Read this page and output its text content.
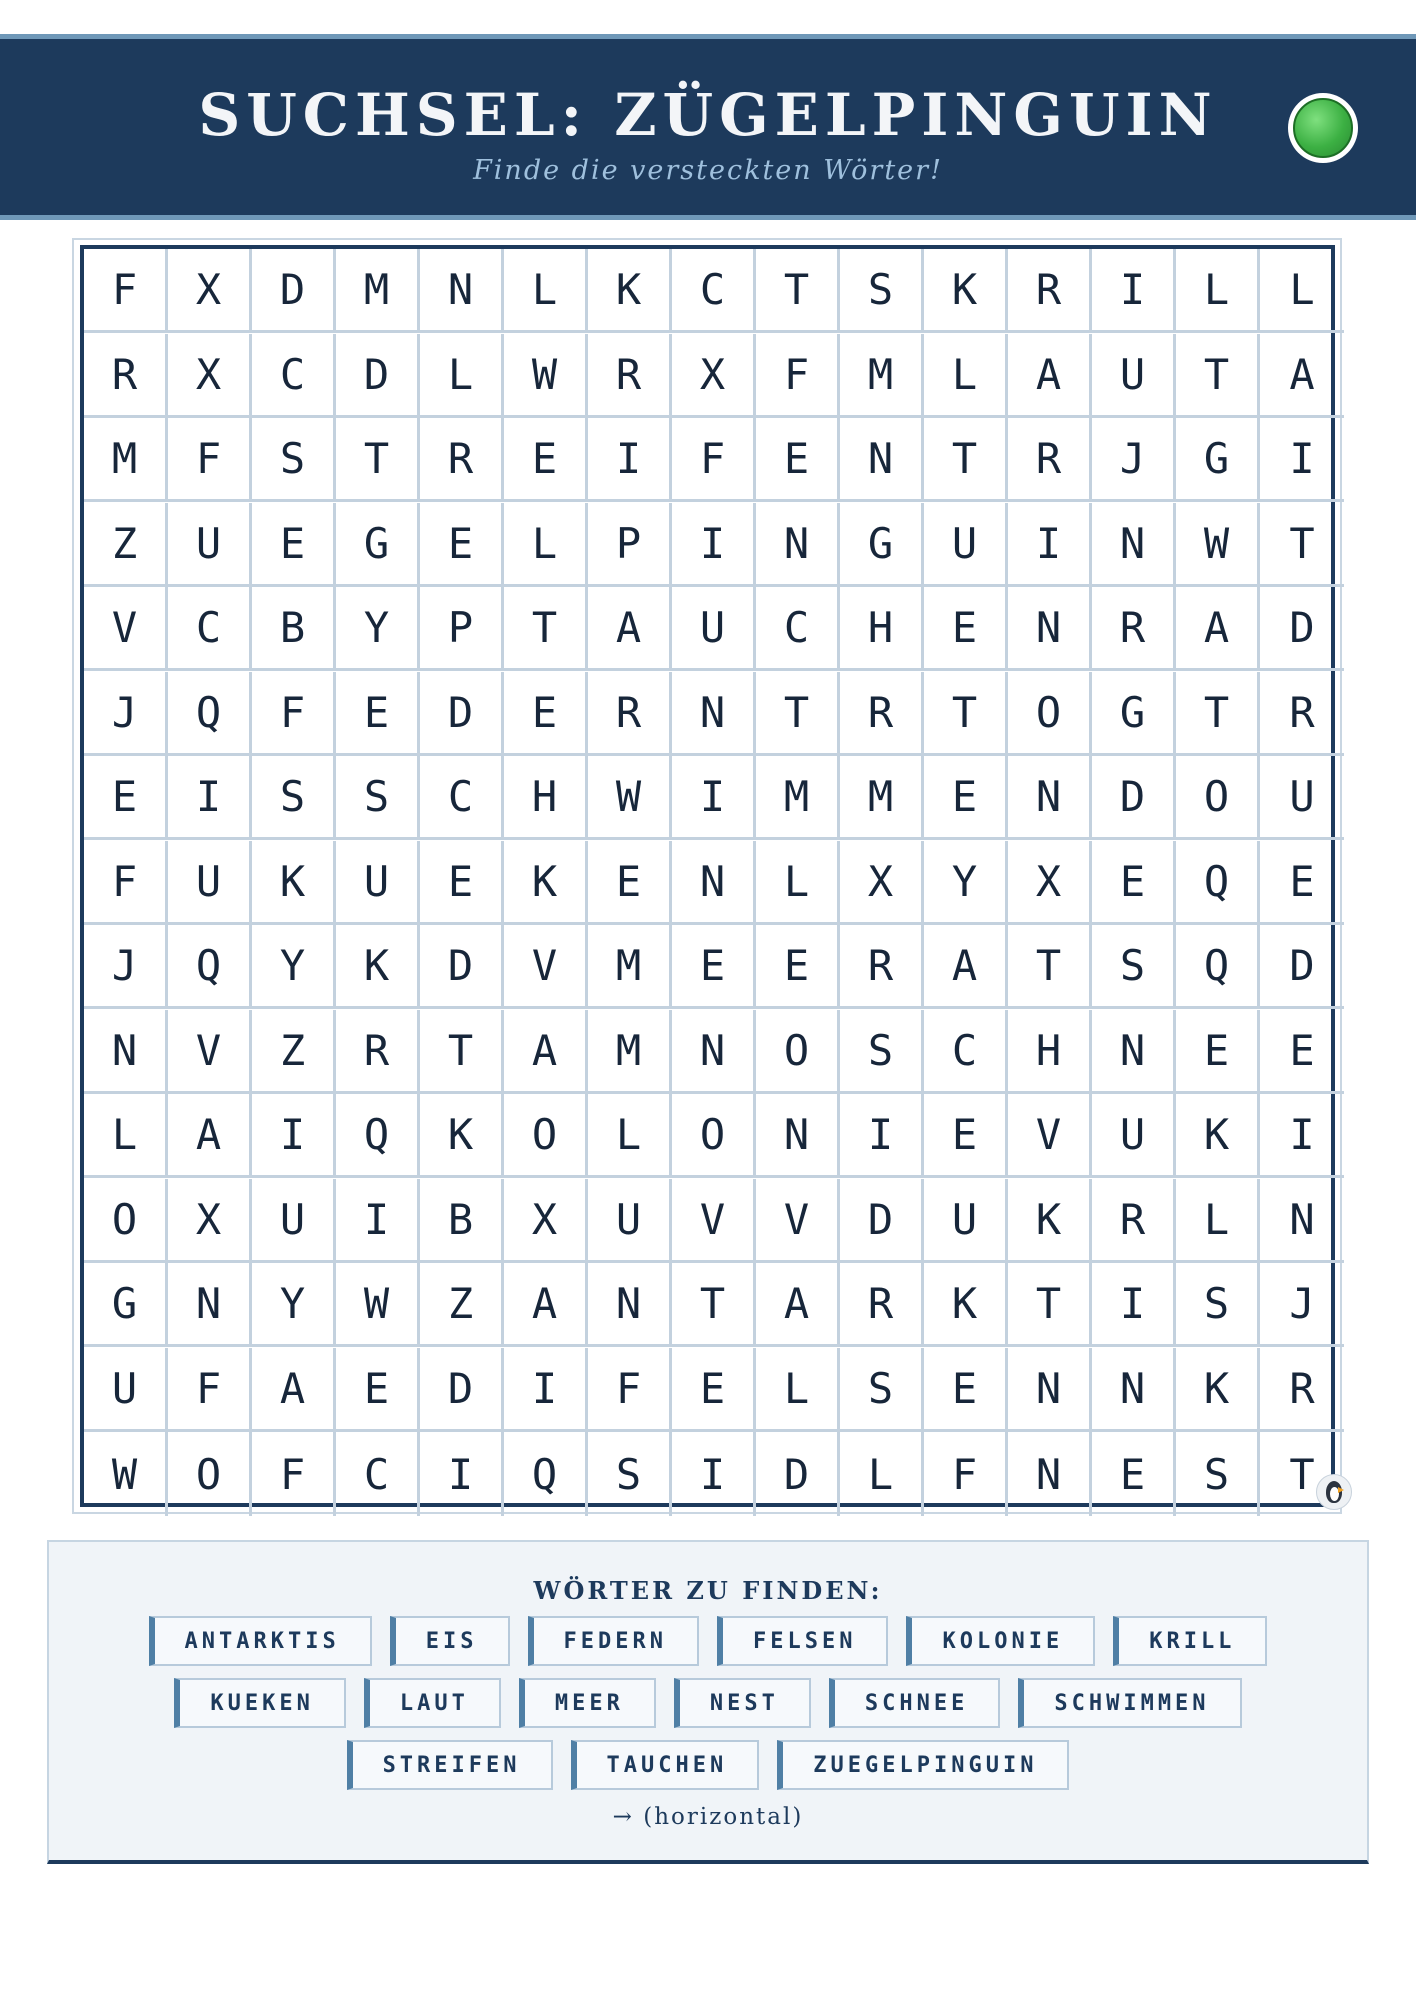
SUCHSEL: ZÜGELPINGUIN
Finde die versteckten Wörter!
F	X	D	M	N	L	K	C	T	S	K	R	I	L	L
R	X	C	D	L	W	R	X	F	M	L	A	U	T	A
M	F	S	T	R	E	I	F	E	N	T	R	J	G	I
Z	U	E	G	E	L	P	I	N	G	U	I	N	W	T
V	C	B	Y	P	T	A	U	C	H	E	N	R	A	D
J	Q	F	E	D	E	R	N	T	R	T	O	G	T	R
E	I	S	S	C	H	W	I	M	M	E	N	D	O	U
F	U	K	U	E	K	E	N	L	X	Y	X	E	Q	E
J	Q	Y	K	D	V	M	E	E	R	A	T	S	Q	D
N	V	Z	R	T	A	M	N	O	S	C	H	N	E	E
L	A	I	Q	K	O	L	O	N	I	E	V	U	K	I
O	X	U	I	B	X	U	V	V	D	U	K	R	L	N
G	N	Y	W	Z	A	N	T	A	R	K	T	I	S	J
U	F	A	E	D	I	F	E	L	S	E	N	N	K	R
W	O	F	C	I	Q	S	I	D	L	F	N	E	S	T
WÖRTER ZU FINDEN:
ANTARKTIS	EIS	FEDERN	FELSEN	KOLONIE	KRILL
KUEKEN	LAUT	MEER	NEST	SCHNEE	SCHWIMMEN
STREIFEN	TAUCHEN	ZUEGELPINGUIN
→ (horizontal)
